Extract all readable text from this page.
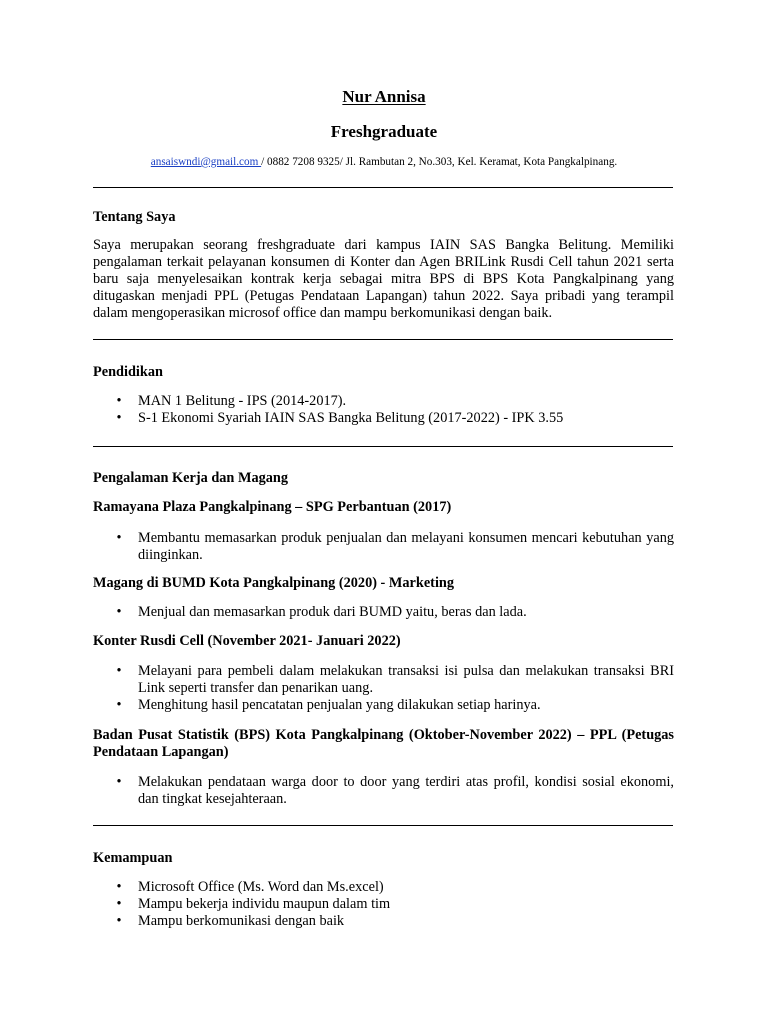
Nur Annisa
Freshgraduate
ansaiswndi@gmail.com / 0882 7208 9325/ Jl. Rambutan 2, No.303, Kel. Keramat, Kota Pangkalpinang.
Tentang Saya
Saya merupakan seorang freshgraduate dari kampus IAIN SAS Bangka Belitung. Memiliki pengalaman terkait pelayanan konsumen di Konter dan Agen BRILink Rusdi Cell tahun 2021 serta baru saja menyelesaikan kontrak kerja sebagai mitra BPS di BPS Kota Pangkalpinang yang ditugaskan menjadi PPL (Petugas Pendataan Lapangan) tahun 2022. Saya pribadi yang terampil dalam mengoperasikan microsof office dan mampu berkomunikasi dengan baik.
Pendidikan
• MAN 1 Belitung - IPS (2014-2017).
• S-1 Ekonomi Syariah IAIN SAS Bangka Belitung (2017-2022) - IPK 3.55
Pengalaman Kerja dan Magang
Ramayana Plaza Pangkalpinang – SPG Perbantuan (2017)
• Membantu memasarkan produk penjualan dan melayani konsumen mencari kebutuhan yang diinginkan.
Magang di BUMD Kota Pangkalpinang (2020) - Marketing
• Menjual dan memasarkan produk dari BUMD yaitu, beras dan lada.
Konter Rusdi Cell (November 2021- Januari 2022)
• Melayani para pembeli dalam melakukan transaksi isi pulsa dan melakukan transaksi BRI Link seperti transfer dan penarikan uang.
• Menghitung hasil pencatatan penjualan yang dilakukan setiap harinya.
Badan Pusat Statistik (BPS) Kota Pangkalpinang (Oktober-November 2022) – PPL (Petugas Pendataan Lapangan)
• Melakukan pendataan warga door to door yang terdiri atas profil, kondisi sosial ekonomi, dan tingkat kesejahteraan.
Kemampuan
• Microsoft Office (Ms. Word dan Ms.excel)
• Mampu bekerja individu maupun dalam tim
• Mampu berkomunikasi dengan baik
